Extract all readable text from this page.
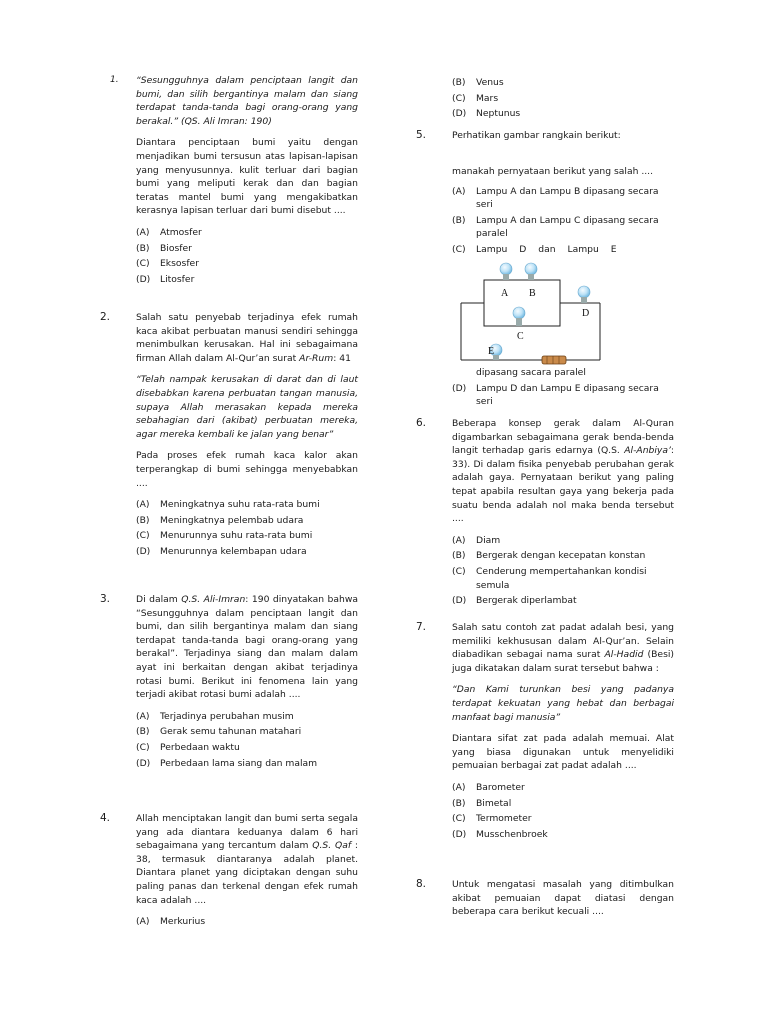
1. “Sesungguhnya dalam penciptaan langit dan bumi, dan silih bergantinya malam dan siang terdapat tanda-tanda bagi orang-orang yang berakal.” (QS. Ali Imran: 190)

Diantara penciptaan bumi yaitu dengan menjadikan bumi tersusun atas lapisan-lapisan yang menyusunnya. kulit terluar dari bagian bumi yang meliputi kerak dan dan bagian teratas mantel bumi yang mengakibatkan kerasnya lapisan terluar dari bumi disebut ....

(A) Atmosfer
(B) Biosfer
(C) Eksosfer
(D) Litosfer
2.	Salah satu penyebab terjadinya efek rumah kaca akibat perbuatan manusi sendiri sehingga menimbulkan kerusakan. Hal ini sebagaimana firman Allah dalam Al-Qur’an surat Ar-Rum: 41

“Telah nampak kerusakan di darat dan di laut disebabkan karena perbuatan tangan manusia, supaya Allah merasakan kepada mereka sebahagian dari (akibat) perbuatan mereka, agar mereka kembali ke jalan yang benar”

Pada proses efek rumah kaca kalor akan terperangkap di bumi sehingga menyebabkan ....

(A) Meningkatnya suhu rata-rata bumi
(B) Meningkatnya pelembab udara
(C) Menurunnya suhu rata-rata bumi
(D) Menurunnya kelembapan udara
3.	Di dalam Q.S. Ali-Imran: 190 dinyatakan bahwa “Sesungguhnya dalam penciptaan langit dan bumi, dan silih bergantinya malam dan siang terdapat tanda-tanda bagi orang-orang yang berakal”. Terjadinya siang dan malam dalam ayat ini berkaitan dengan akibat terjadinya rotasi bumi. Berikut ini fenomena lain yang terjadi akibat rotasi bumi adalah ....

(A) Terjadinya perubahan musim
(B) Gerak semu tahunan matahari
(C) Perbedaan waktu
(D) Perbedaan lama siang dan malam
4.	Allah menciptakan langit dan bumi serta segala yang ada diantara keduanya dalam 6 hari sebagaimana yang tercantum dalam Q.S. Qaf : 38, termasuk diantaranya adalah planet. Diantara planet yang diciptakan dengan suhu paling panas dan terkenal dengan efek rumah kaca adalah ....

(A) Merkurius
(B) Venus
(C) Mars
(D) Neptunus
5.	Perhatikan gambar rangkain berikut:

manakah pernyataan berikut yang salah ....

(A) Lampu A dan Lampu B dipasang secara seri
(B) Lampu A dan Lampu C dipasang secara paralel
(C) Lampu D dan Lampu E
A B
C
D
E
dipasang sacara paralel
(D) Lampu D dan Lampu E dipasang secara seri
6.	Beberapa konsep gerak dalam Al-Quran digambarkan sebagaimana gerak benda-benda langit terhadap garis edarnya (Q.S. Al-Anbiya’: 33). Di dalam fisika penyebab perubahan gerak adalah gaya. Pernyataan berikut yang paling tepat apabila resultan gaya yang bekerja pada suatu benda adalah nol maka benda tersebut ....

(A) Diam
(B) Bergerak dengan kecepatan konstan
(C) Cenderung mempertahankan kondisi semula
(D) Bergerak diperlambat
7.	Salah satu contoh zat padat adalah besi, yang memiliki kekhususan dalam Al-Qur’an. Selain diabadikan sebagai nama surat Al-Hadid (Besi) juga dikatakan dalam surat tersebut bahwa :

“Dan Kami turunkan besi yang padanya terdapat kekuatan yang hebat dan berbagai manfaat bagi manusia”

Diantara sifat zat pada adalah memuai. Alat yang biasa digunakan untuk menyelidiki pemuaian berbagai zat padat adalah ....

(A) Barometer
(B) Bimetal
(C) Termometer
(D) Musschenbroek
8.	Untuk mengatasi masalah yang ditimbulkan akibat pemuaian dapat diatasi dengan beberapa cara berikut kecuali ....
